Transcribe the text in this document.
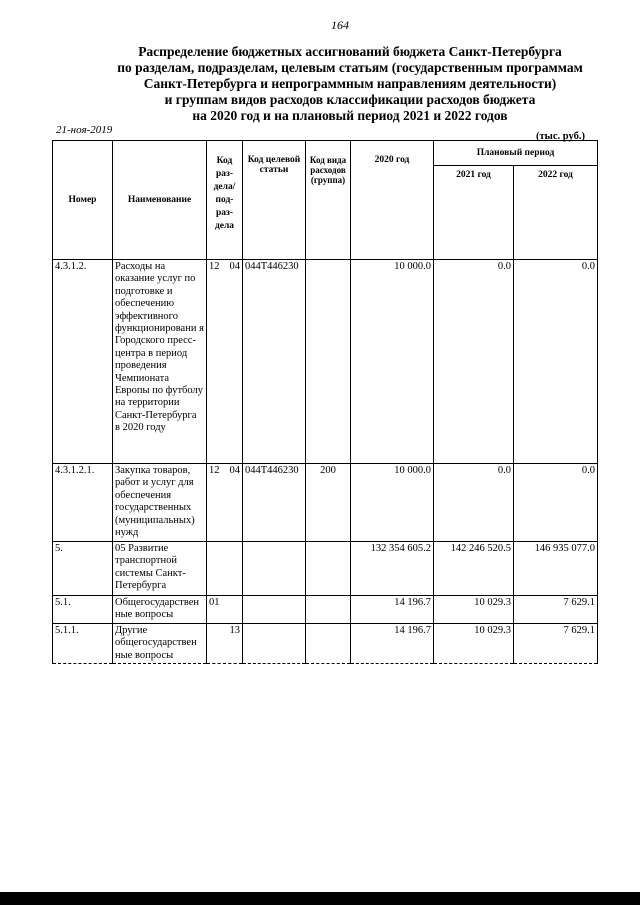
164
Распределение бюджетных ассигнований бюджета Санкт-Петербурга
по разделам, подразделам, целевым статьям (государственным программам
Санкт-Петербурга и непрограммным направлениям деятельности)
и группам видов расходов классификации расходов бюджета
на 2020 год и на плановый период 2021 и 2022 годов
21-ноя-2019
(тыс. руб.)
Номер	Наименование	Код раз- дела/ под- раз- дела	Код целевой статьи	Код вида расходов (группа)	2020 год	Плановый период	
						2021 год	2022 год
4.3.1.2.	Расходы на оказание услуг по подготовке и обеспечению эффективного функционировани я Городского пресс-центра в период проведения Чемпионата Европы по футболу на территории Санкт-Петербурга в 2020 году	12 04	044T446230		10 000.0	0.0	0.0
4.3.1.2.1.	Закупка товаров, работ и услуг для обеспечения государственных (муниципальных) нужд	12 04	044T446230	200	10 000.0	0.0	0.0
5.	05 Развитие транспортной системы Санкт-Петербурга				132 354 605.2	142 246 520.5	146 935 077.0
5.1.	Общегосударствен ные вопросы	01			14 196.7	10 029.3	7 629.1
5.1.1.	Другие общегосударствен ные вопросы	13			14 196.7	10 029.3	7 629.1
